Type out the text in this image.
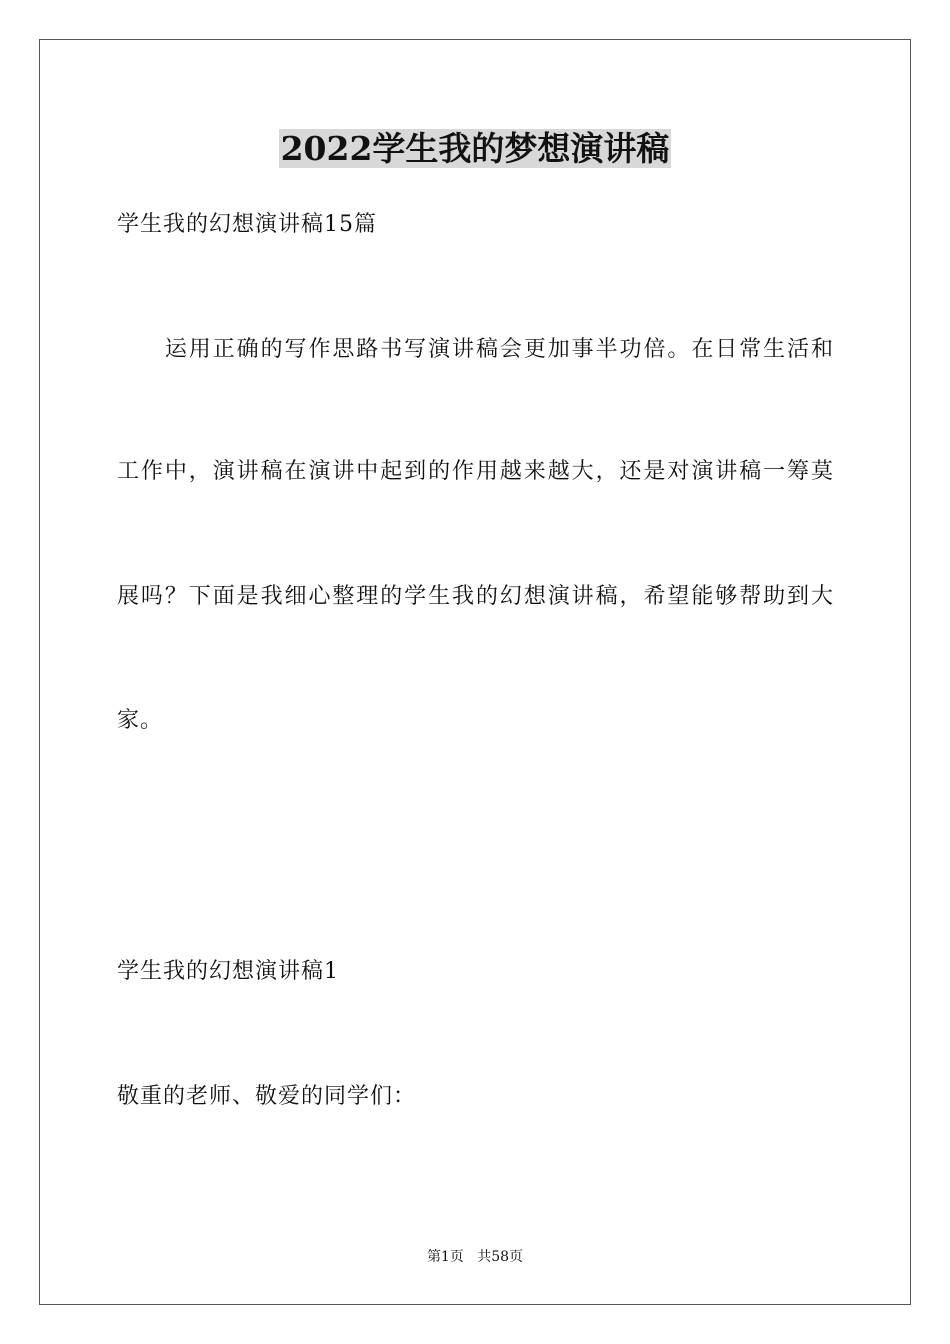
2022学生我的梦想演讲稿
学生我的幻想演讲稿15篇
　　运用正确的写作思路书写演讲稿会更加事半功倍。在日常生活和
工作中，演讲稿在演讲中起到的作用越来越大，还是对演讲稿一筹莫
展吗？下面是我细心整理的学生我的幻想演讲稿，希望能够帮助到大
家。
学生我的幻想演讲稿1
敬重的老师、敬爱的同学们：
第1页 共58页
